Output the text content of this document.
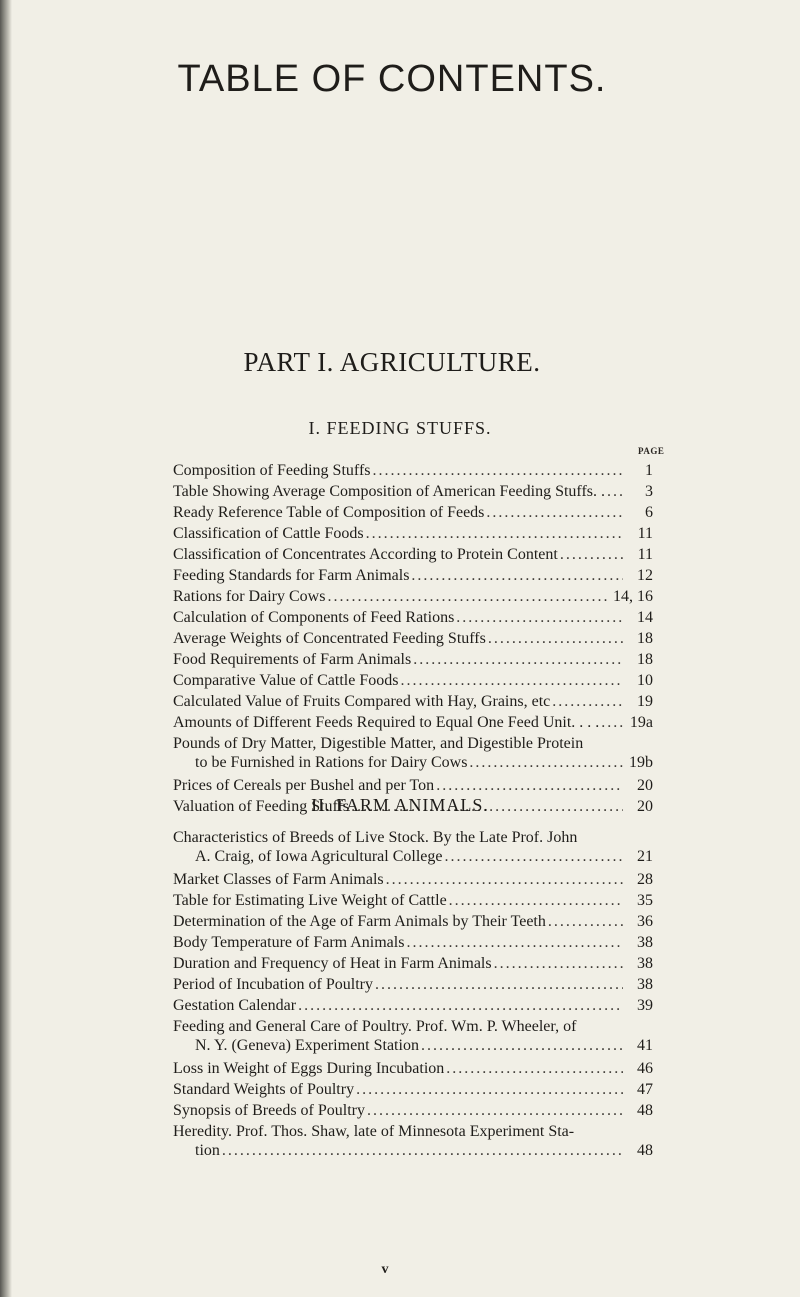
TABLE OF CONTENTS.
PART I. AGRICULTURE.
I. FEEDING STUFFS.
PAGE
Composition of Feeding Stuffs .....	1
Table Showing Average Composition of American Feeding Stuffs. . .....	3
Ready Reference Table of Composition of Feeds .....	6
Classification of Cattle Foods .....	11
Classification of Concentrates According to Protein Content .....	11
Feeding Standards for Farm Animals .....	12
Rations for Dairy Cows .....	14, 16
Calculation of Components of Feed Rations .....	14
Average Weights of Concentrated Feeding Stuffs .....	18
Food Requirements of Farm Animals .....	18
Comparative Value of Cattle Foods .....	10
Calculated Value of Fruits Compared with Hay, Grains, etc .....	19
Amounts of Different Feeds Required to Equal One Feed Unit. . . . ..... 19a
Pounds of Dry Matter, Digestible Matter, and Digestible Protein
to be Furnished in Rations for Dairy Cows .....	19b
Prices of Cereals per Bushel and per Ton .....	20
Valuation of Feeding Stuffs .....	20
II. FARM ANIMALS.
Characteristics of Breeds of Live Stock. By the Late Prof. John
A. Craig, of Iowa Agricultural College .....	21
Market Classes of Farm Animals .....	28
Table for Estimating Live Weight of Cattle .....	35
Determination of the Age of Farm Animals by Their Teeth .....	36
Body Temperature of Farm Animals .....	38
Duration and Frequency of Heat in Farm Animals .....	38
Period of Incubation of Poultry .....	38
Gestation Calendar .....	39
Feeding and General Care of Poultry. Prof. Wm. P. Wheeler, of
N. Y. (Geneva) Experiment Station .....	41
Loss in Weight of Eggs During Incubation .....	46
Standard Weights of Poultry .....	47
Synopsis of Breeds of Poultry .....	48
Heredity. Prof. Thos. Shaw, late of Minnesota Experiment Sta-
tion .....	48
v
